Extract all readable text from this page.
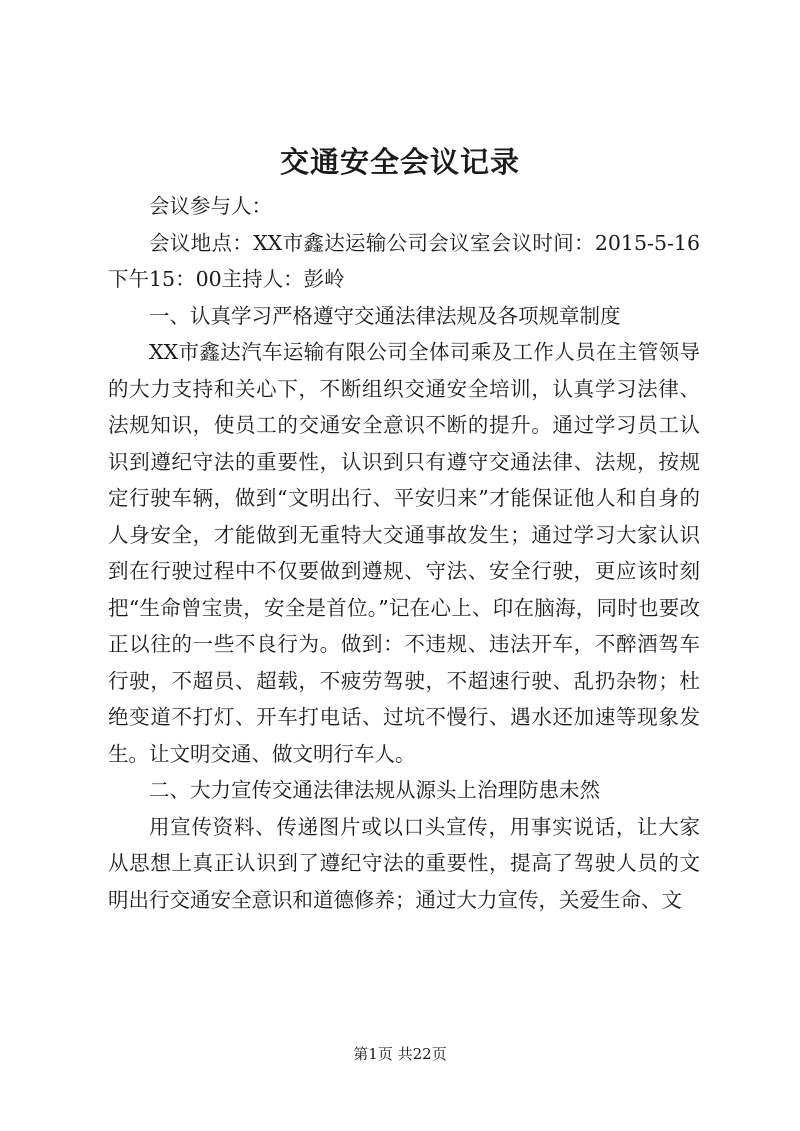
交通安全会议记录

会议参与人：

会议地点：XX市鑫达运输公司会议室会议时间：2015-5-16下午15：00主持人：彭岭

一、认真学习严格遵守交通法律法规及各项规章制度

XX市鑫达汽车运输有限公司全体司乘及工作人员在主管领导的大力支持和关心下，不断组织交通安全培训，认真学习法律、法规知识，使员工的交通安全意识不断的提升。通过学习员工认识到遵纪守法的重要性，认识到只有遵守交通法律、法规，按规定行驶车辆，做到“文明出行、平安归来”才能保证他人和自身的人身安全，才能做到无重特大交通事故发生；通过学习大家认识到在行驶过程中不仅要做到遵规、守法、安全行驶，更应该时刻把“生命曾宝贵，安全是首位。”记在心上、印在脑海，同时也要改正以往的一些不良行为。做到：不违规、违法开车，不醉酒驾车行驶，不超员、超载，不疲劳驾驶，不超速行驶、乱扔杂物；杜绝变道不打灯、开车打电话、过坑不慢行、遇水还加速等现象发生。让文明交通、做文明行车人。

二、大力宣传交通法律法规从源头上治理防患未然

用宣传资料、传递图片或以口头宣传，用事实说话，让大家从思想上真正认识到了遵纪守法的重要性，提高了驾驶人员的文明出行交通安全意识和道德修养；通过大力宣传，关爱生命、文

第1页 共22页
